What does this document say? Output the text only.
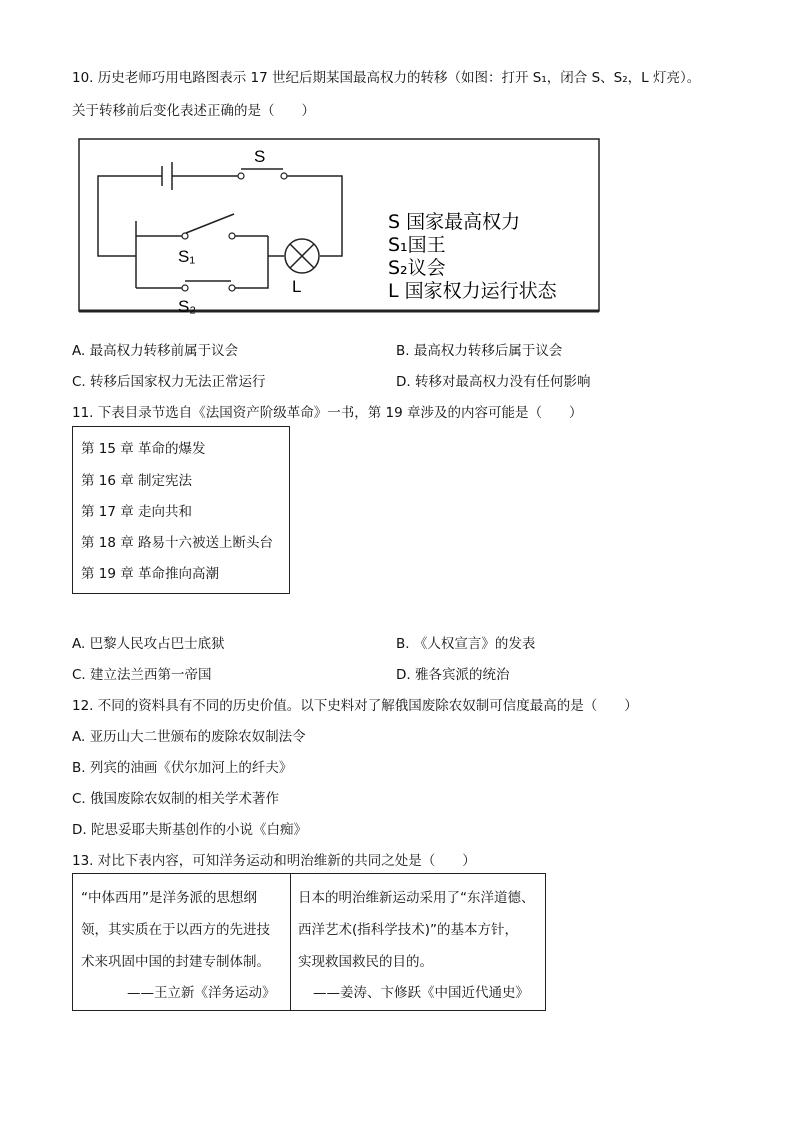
10. 历史老师巧用电路图表示 17 世纪后期某国最高权力的转移（如图：打开 S₁，闭合 S、S₂，L 灯亮）。
关于转移前后变化表述正确的是（　　）
S
S₁
S₂
L
S 国家最高权力
S₁国王
S₂议会
L 国家权力运行状态
A. 最高权力转移前属于议会	B. 最高权力转移后属于议会
C. 转移后国家权力无法正常运行	D. 转移对最高权力没有任何影响
11. 下表目录节选自《法国资产阶级革命》一书，第 19 章涉及的内容可能是（　　）
第 15 章 革命的爆发
第 16 章 制定宪法
第 17 章 走向共和
第 18 章 路易十六被送上断头台
第 19 章 革命推向高潮
A. 巴黎人民攻占巴士底狱	B. 《人权宣言》的发表
C. 建立法兰西第一帝国	D. 雅各宾派的统治
12. 不同的资料具有不同的历史价值。以下史料对了解俄国废除农奴制可信度最高的是（　　）
A. 亚历山大二世颁布的废除农奴制法令
B. 列宾的油画《伏尔加河上的纤夫》
C. 俄国废除农奴制的相关学术著作
D. 陀思妥耶夫斯基创作的小说《白痴》
13. 对比下表内容，可知洋务运动和明治维新的共同之处是（　　）
“中体西用”是洋务派的思想纲
领，其实质在于以西方的先进技
术来巩固中国的封建专制体制。
——王立新《洋务运动》
日本的明治维新运动采用了“东洋道德、
西洋艺术(指科学技术)”的基本方针，
实现救国救民的目的。
——姜涛、卞修跃《中国近代通史》
